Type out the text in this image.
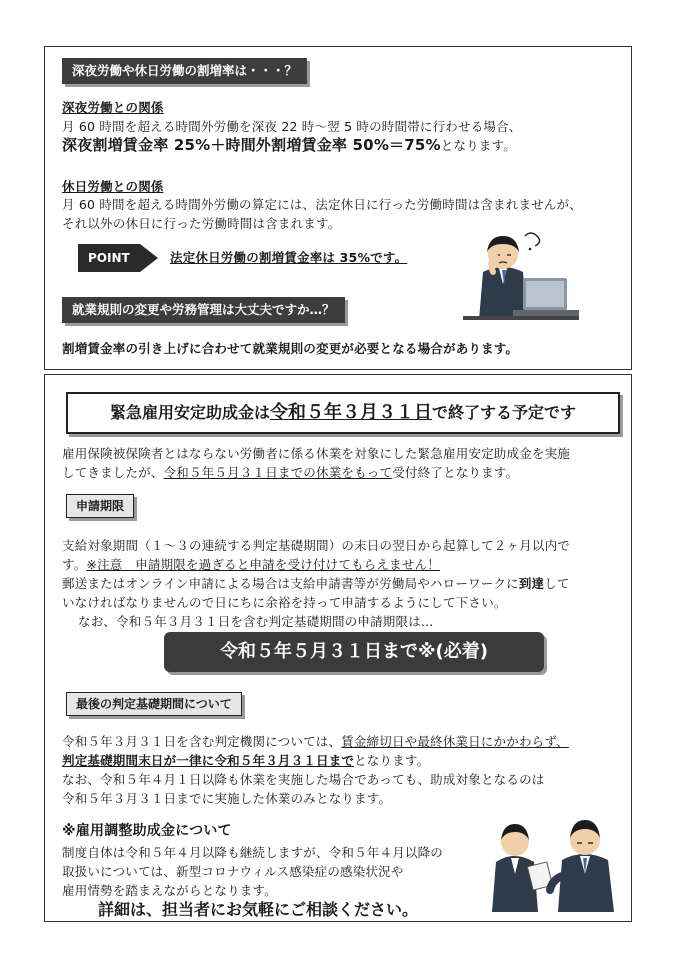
深夜労働や休日労働の割増率は・・・？
深夜労働との関係
月 60 時間を超える時間外労働を深夜 22 時～翌 5 時の時間帯に行わせる場合、
深夜割増賃金率 25%＋時間外割増賃金率 50%＝75%となります。
休日労働との関係
月 60 時間を超える時間外労働の算定には、法定休日に行った労働時間は含まれませんが、
それ以外の休日に行った労働時間は含まれます。
POINT	法定休日労働の割増賃金率は 35%です。
就業規則の変更や労務管理は大丈夫ですか…？
割増賃金率の引き上げに合わせて就業規則の変更が必要となる場合があります。
緊急雇用安定助成金は令和５年３月３１日で終了する予定です
雇用保険被保険者とはならない労働者に係る休業を対象にした緊急雇用安定助成金を実施
してきましたが、令和５年５月３１日までの休業をもって受付終了となります。
申請期限
支給対象期間（１～３の連続する判定基礎期間）の末日の翌日から起算して２ヶ月以内で
す。※注意　申請期限を過ぎると申請を受け付けてもらえません！
郵送またはオンライン申請による場合は支給申請書等が労働局やハローワークに到達して
いなければなりませんので日にちに余裕を持って申請するようにして下さい。
なお、令和５年３月３１日を含む判定基礎期間の申請期限は…
令和５年５月３１日まで※(必着)
最後の判定基礎期間について
令和５年３月３１日を含む判定機関については、賃金締切日や最終休業日にかかわらず、
判定基礎期間末日が一律に令和５年３月３１日までとなります。
なお、令和５年４月１日以降も休業を実施した場合であっても、助成対象となるのは
令和５年３月３１日までに実施した休業のみとなります。
※雇用調整助成金について
制度自体は令和５年４月以降も継続しますが、令和５年４月以降の
取扱いについては、新型コロナウィルス感染症の感染状況や
雇用情勢を踏まえながらとなります。
詳細は、担当者にお気軽にご相談ください。
